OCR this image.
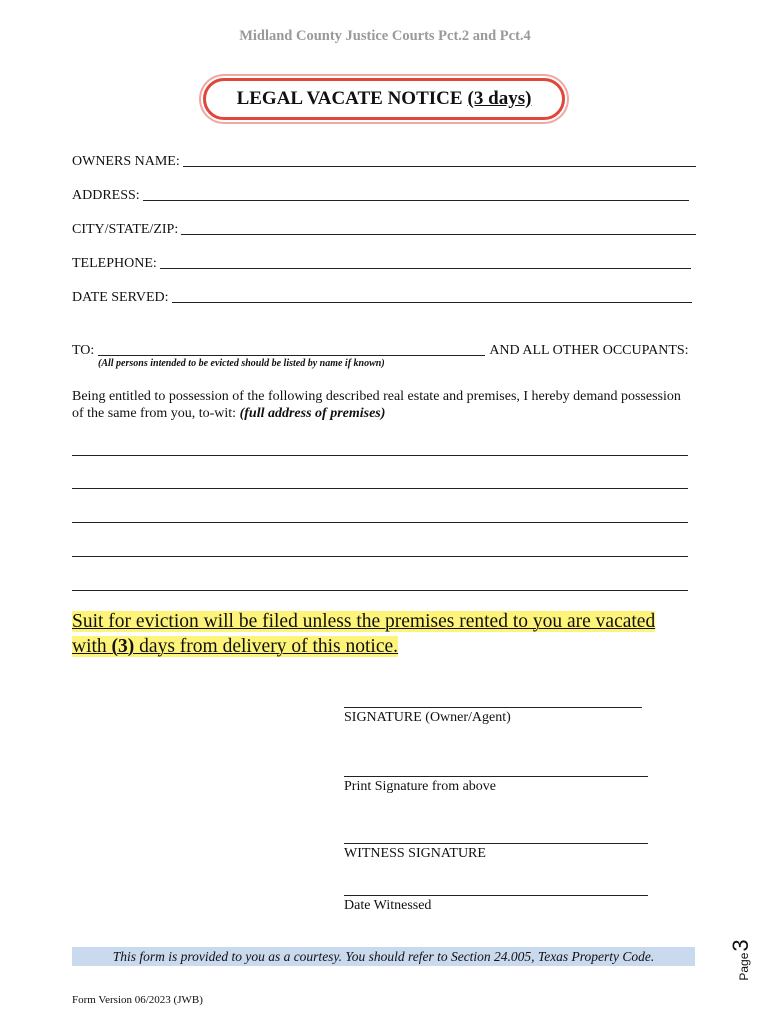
Midland County Justice Courts Pct.2 and Pct.4
LEGAL VACATE NOTICE (3 days)
OWNERS NAME:
ADDRESS:
CITY/STATE/ZIP:
TELEPHONE:
DATE SERVED:
TO:	AND ALL OTHER OCCUPANTS:
(All persons intended to be evicted should be listed by name if known)
Being entitled to possession of the following described real estate and premises, I hereby demand possession of the same from you, to-wit: (full address of premises)
Suit for eviction will be filed unless the premises rented to you are vacated with (3) days from delivery of this notice.
SIGNATURE (Owner/Agent)
Print Signature from above
WITNESS SIGNATURE
Date Witnessed
This form is provided to you as a courtesy. You should refer to Section 24.005, Texas Property Code.	Page
3
Form Version 06/2023 (JWB)
